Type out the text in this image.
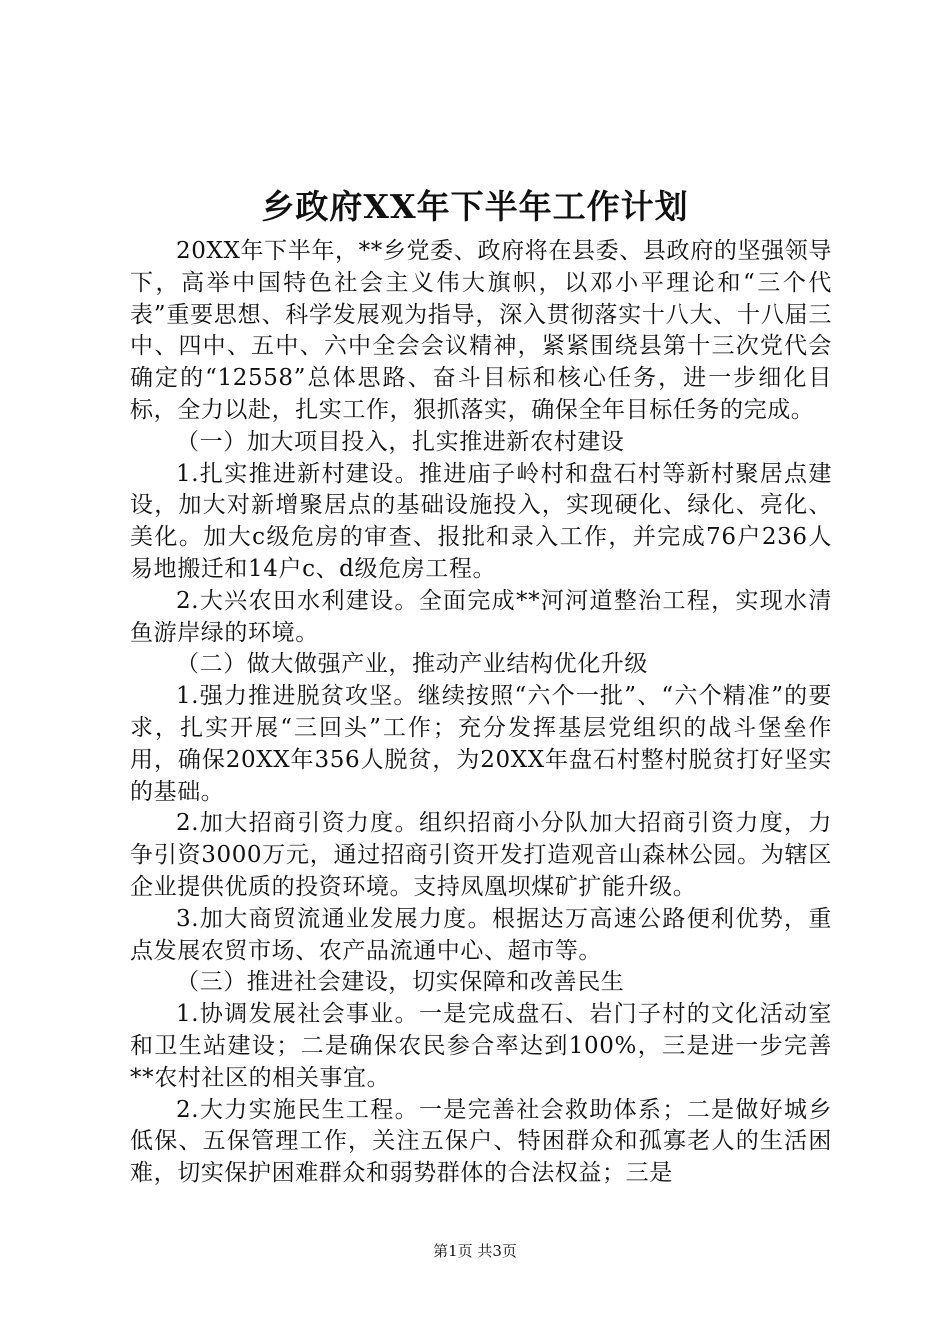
乡政府XX年下半年工作计划

20XX年下半年，**乡党委、政府将在县委、县政府的坚强领导下，高举中国特色社会主义伟大旗帜，以邓小平理论和“三个代表”重要思想、科学发展观为指导，深入贯彻落实十八大、十八届三中、四中、五中、六中全会会议精神，紧紧围绕县第十三次党代会确定的“12558”总体思路、奋斗目标和核心任务，进一步细化目标，全力以赴，扎实工作，狠抓落实，确保全年目标任务的完成。

（一）加大项目投入，扎实推进新农村建设

1.扎实推进新村建设。推进庙子岭村和盘石村等新村聚居点建设，加大对新增聚居点的基础设施投入，实现硬化、绿化、亮化、美化。加大c级危房的审查、报批和录入工作，并完成76户236人易地搬迁和14户c、d级危房工程。

2.大兴农田水利建设。全面完成**河河道整治工程，实现水清鱼游岸绿的环境。

（二）做大做强产业，推动产业结构优化升级

1.强力推进脱贫攻坚。继续按照“六个一批”、“六个精准”的要求，扎实开展“三回头”工作；充分发挥基层党组织的战斗堡垒作用，确保20XX年356人脱贫，为20XX年盘石村整村脱贫打好坚实的基础。

2.加大招商引资力度。组织招商小分队加大招商引资力度，力争引资3000万元，通过招商引资开发打造观音山森林公园。为辖区企业提供优质的投资环境。支持凤凰坝煤矿扩能升级。

3.加大商贸流通业发展力度。根据达万高速公路便利优势，重点发展农贸市场、农产品流通中心、超市等。

（三）推进社会建设，切实保障和改善民生

1.协调发展社会事业。一是完成盘石、岩门子村的文化活动室和卫生站建设；二是确保农民参合率达到100%，三是进一步完善**农村社区的相关事宜。

2.大力实施民生工程。一是完善社会救助体系；二是做好城乡低保、五保管理工作，关注五保户、特困群众和孤寡老人的生活困难，切实保护困难群众和弱势群体的合法权益；三是

第1页 共3页
